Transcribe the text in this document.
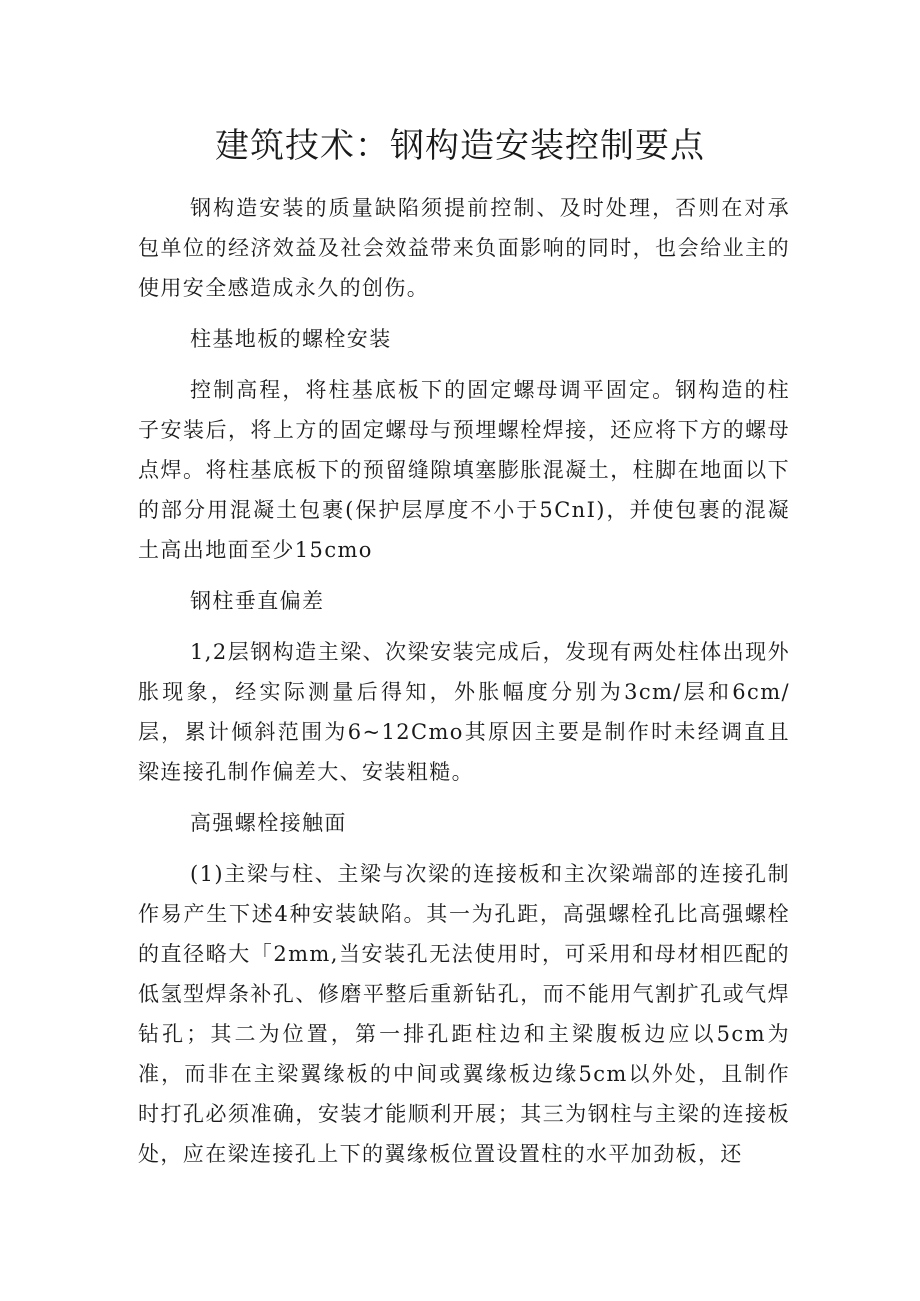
建筑技术：钢构造安装控制要点

钢构造安装的质量缺陷须提前控制、及时处理，否则在对承包单位的经济效益及社会效益带来负面影响的同时，也会给业主的使用安全感造成永久的创伤。

柱基地板的螺栓安装

控制高程，将柱基底板下的固定螺母调平固定。钢构造的柱子安装后，将上方的固定螺母与预埋螺栓焊接，还应将下方的螺母点焊。将柱基底板下的预留缝隙填塞膨胀混凝土，柱脚在地面以下的部分用混凝土包裹(保护层厚度不小于5CnI)，并使包裹的混凝土高出地面至少15cmo

钢柱垂直偏差

1,2层钢构造主梁、次梁安装完成后，发现有两处柱体出现外胀现象，经实际测量后得知，外胀幅度分别为3cm/层和6cm/层，累计倾斜范围为6~12Cmo其原因主要是制作时未经调直且梁连接孔制作偏差大、安装粗糙。

高强螺栓接触面

(1)主梁与柱、主梁与次梁的连接板和主次梁端部的连接孔制作易产生下述4种安装缺陷。其一为孔距，高强螺栓孔比高强螺栓的直径略大「2mm,当安装孔无法使用时，可采用和母材相匹配的低氢型焊条补孔、修磨平整后重新钻孔，而不能用气割扩孔或气焊钻孔；其二为位置，第一排孔距柱边和主梁腹板边应以5cm为准，而非在主梁翼缘板的中间或翼缘板边缘5cm以外处，且制作时打孔必须准确，安装才能顺利开展；其三为钢柱与主梁的连接板处，应在梁连接孔上下的翼缘板位置设置柱的水平加劲板，还
